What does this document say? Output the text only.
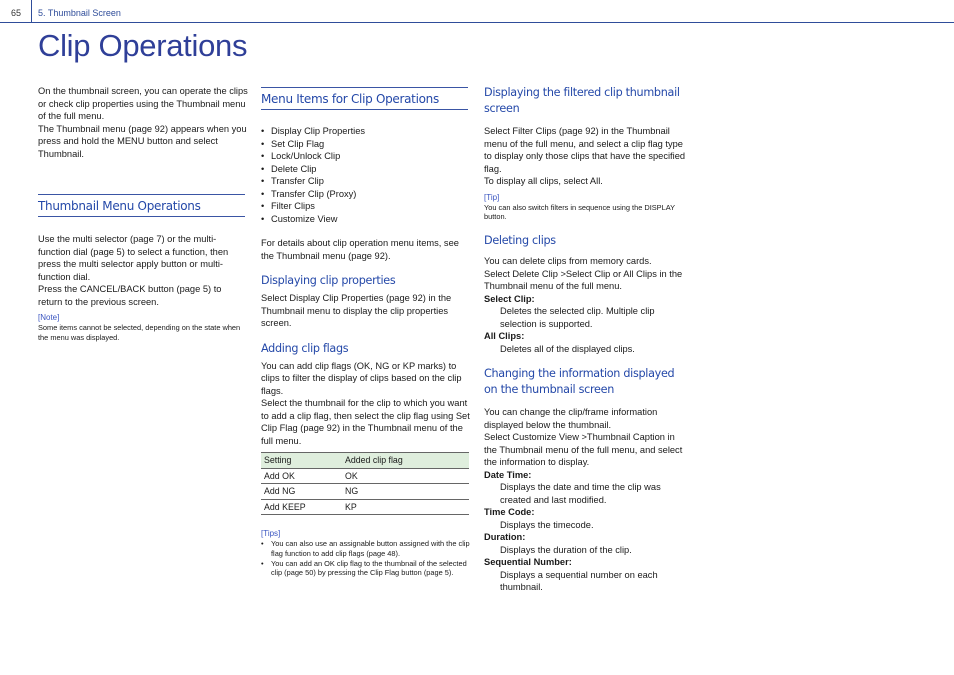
65 5. Thumbnail Screen
Clip Operations

On the thumbnail screen, you can operate the clips or check clip properties using the Thumbnail menu of the full menu.

The Thumbnail menu (page 92) appears when you press and hold the MENU button and select Thumbnail.

Thumbnail Menu Operations

Use the multi selector (page 7) or the multi-function dial (page 5) to select a function, then press the multi selector apply button or multi-function dial.

Press the CANCEL/BACK button (page 5) to return to the previous screen.

[Note]
Some items cannot be selected, depending on the state when the menu was displayed.
Menu Items for Clip Operations
• Display Clip Properties
• Set Clip Flag
• Lock/Unlock Clip
• Delete Clip
• Transfer Clip
• Transfer Clip (Proxy)
• Filter Clips
• Customize View

For details about clip operation menu items, see the Thumbnail menu (page 92).

Displaying clip properties

Select Display Clip Properties (page 92) in the Thumbnail menu to display the clip properties screen.

Adding clip flags

You can add clip flags (OK, NG or KP marks) to clips to filter the display of clips based on the clip flags.

Select the thumbnail for the clip to which you want to add a clip flag, then select the clip flag using Set Clip Flag (page 92) in the Thumbnail menu of the full menu.

Setting	Added clip flag
Add OK	OK
Add NG	NG
Add KEEP	KP
[Tips]
• You can also use an assignable button assigned with the clip flag function to add clip flags (page 48).
• You can add an OK clip flag to the thumbnail of the selected clip (page 50) by pressing the Clip Flag button (page 5).
Displaying the filtered clip thumbnail screen

Select Filter Clips (page 92) in the Thumbnail menu of the full menu, and select a clip flag type to display only those clips that have the specified flag.

To display all clips, select All.

[Tip]
You can also switch filters in sequence using the DISPLAY button.
Deleting clips

You can delete clips from memory cards.

Select Delete Clip >Select Clip or All Clips in the Thumbnail menu of the full menu.

Select Clip:
Deletes the selected clip. Multiple clip selection is supported.
All Clips:
Deletes all of the displayed clips.
Changing the information displayed on the thumbnail screen

You can change the clip/frame information displayed below the thumbnail.

Select Customize View >Thumbnail Caption in the Thumbnail menu of the full menu, and select the information to display.

Date Time:
Displays the date and time the clip was created and last modified.
Time Code:
Displays the timecode.
Duration:
Displays the duration of the clip.
Sequential Number:
Displays a sequential number on each thumbnail.
